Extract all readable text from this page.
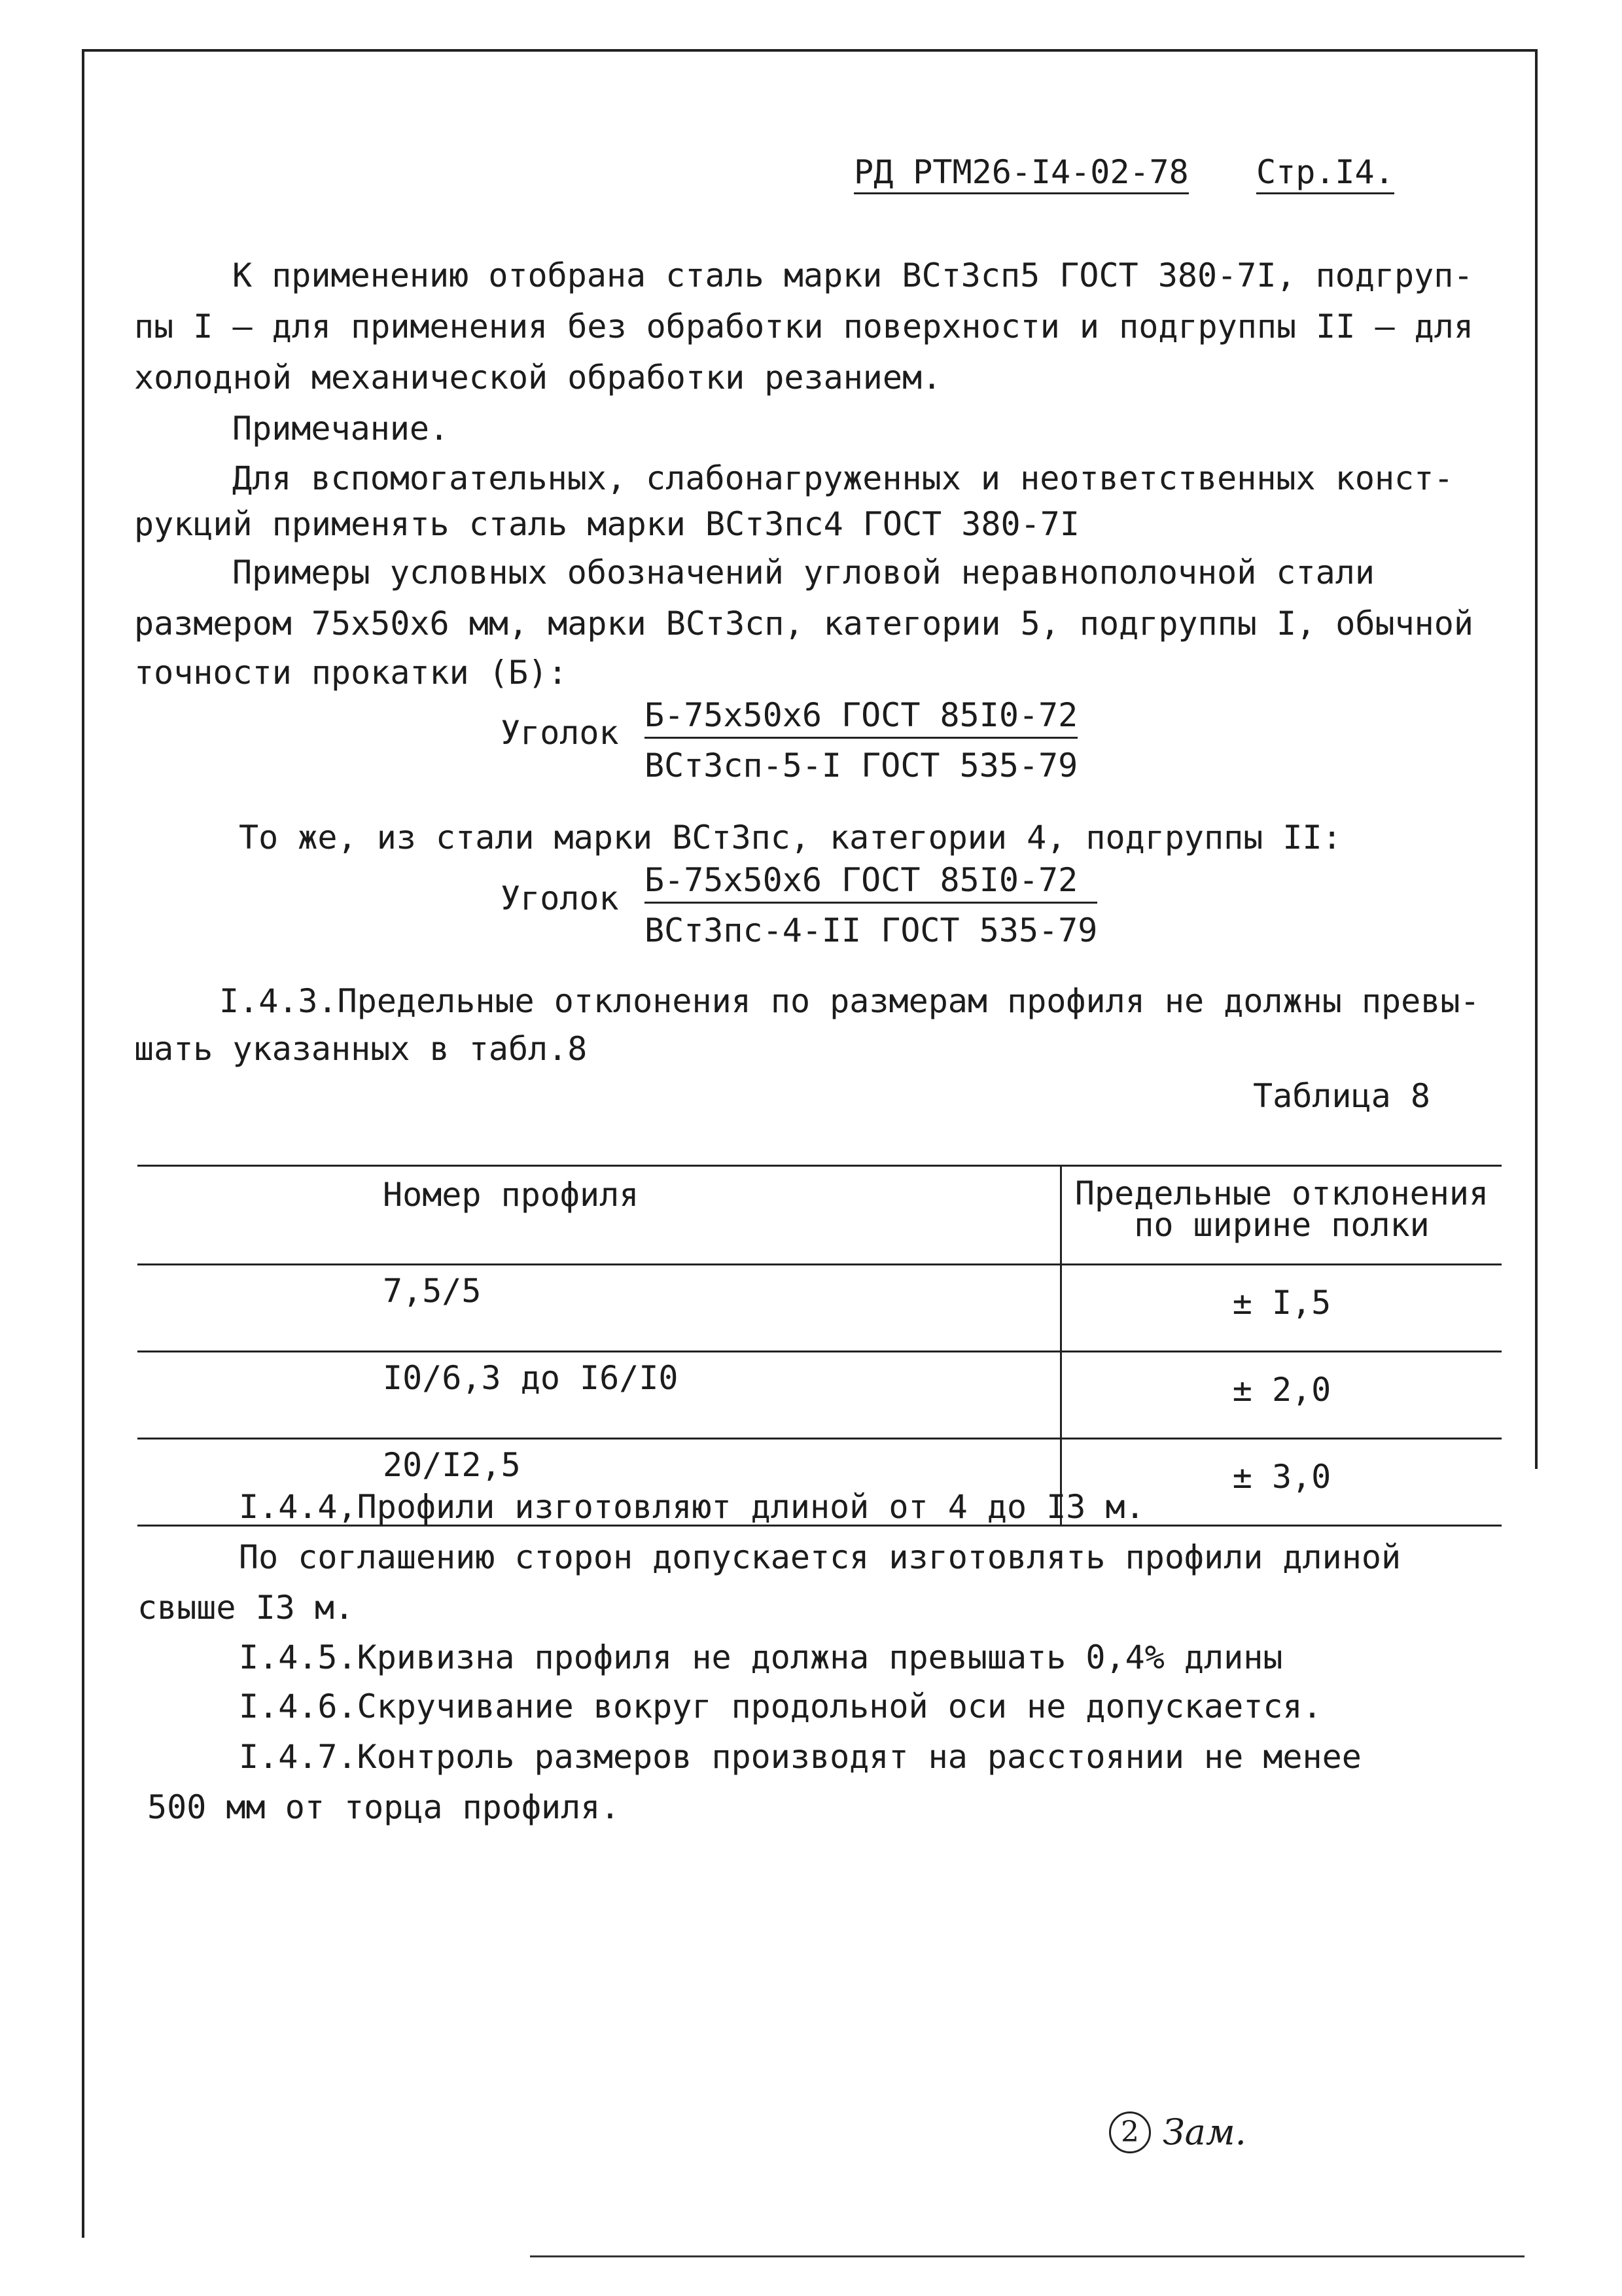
РД РТМ26-I4-02-78 Стр.I4.
К применению отобрана сталь марки ВСт3сп5 ГОСТ 380-7I, подгруп-
пы I – для применения без обработки поверхности и подгруппы II – для
холодной механической обработки резанием.
Примечание.
Для вспомогательных, слабонагруженных и неответственных конст-
рукций применять сталь марки ВСт3пс4 ГОСТ 380-7I
Примеры условных обозначений угловой неравнополочной стали
размером 75х50х6 мм, марки ВСт3сп, категории 5, подгруппы I, обычной
точности прокатки (Б):
Уголок Б-75х50х6 ГОСТ 85I0-72
ВСт3сп-5-I ГОСТ 535-79
То же, из стали марки ВСт3пс, категории 4, подгруппы II:
Уголок Б-75х50х6 ГОСТ 85I0-72
ВСт3пс-4-II ГОСТ 535-79
I.4.3.Предельные отклонения по размерам профиля не должны превы-
шать указанных в табл.8
Таблица 8
Номер профиля	Предельные отклонения по ширине полки
7,5/5	± I,5
I0/6,3 до I6/I0	± 2,0
20/I2,5	± 3,0
I.4.4,Профили изготовляют длиной от 4 до I3 м.
По соглашению сторон допускается изготовлять профили длиной
свыше I3 м.
I.4.5.Кривизна профиля не должна превышать 0,4% длины
I.4.6.Скручивание вокруг продольной оси не допускается.
I.4.7.Контроль размеров производят на расстоянии не менее
500 мм от торца профиля.
2 Зам.
